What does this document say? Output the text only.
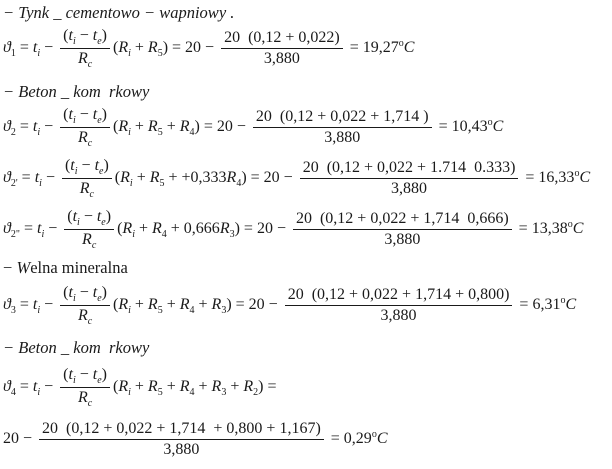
− Tynk _ cementowo − wapniowy .
$ϑ_1 = t_i - \frac{(t_i - t_e)}{R_c} (R_i + R_5) = 20 - \frac{20 (0,12 + 0,022)}{3,880} = 19,27^oC$
− Beton _ kom  rkowy
$ϑ_2 = t_i - \frac{(t_i - t_e)}{R_c} (R_i + R_5 + R_4) = 20 - \frac{20 (0,12 + 0,022 + 1,714 )}{3,880} = 10,43^oC$
$ϑ_{2'} = t_i - \frac{(t_i - t_e)}{R_c} (R_i + R_5 + +0,333R_4) = 20 - \frac{20 (0,12 + 0,022 + 1.714 0.333)}{3,880} = 16,33^oC$
$ϑ_{2"} = t_i - \frac{(t_i - t_e)}{R_c} (R_i + R_4 + 0,666R_3) = 20 - \frac{20 (0,12 + 0,022 + 1,714 0,666)}{3,880} = 13,38^oC$
− Welna mineralna
$ϑ_3 = t_i - \frac{(t_i - t_e)}{R_c} (R_i + R_5 + R_4 + R_3) = 20 - \frac{20 (0,12 + 0,022 + 1,714 + 0,800)}{3,880} = 6,31^oC$
− Beton _ kom  rkowy
$ϑ_4 = t_i - \frac{(t_i - t_e)}{R_c} (R_i + R_5 + R_4 + R_3 + R_2)$ =
$20 - \frac{20 (0,12 + 0,022 + 1,714 + 0,800 + 1,167)}{3,880} = 0,29^oC$
